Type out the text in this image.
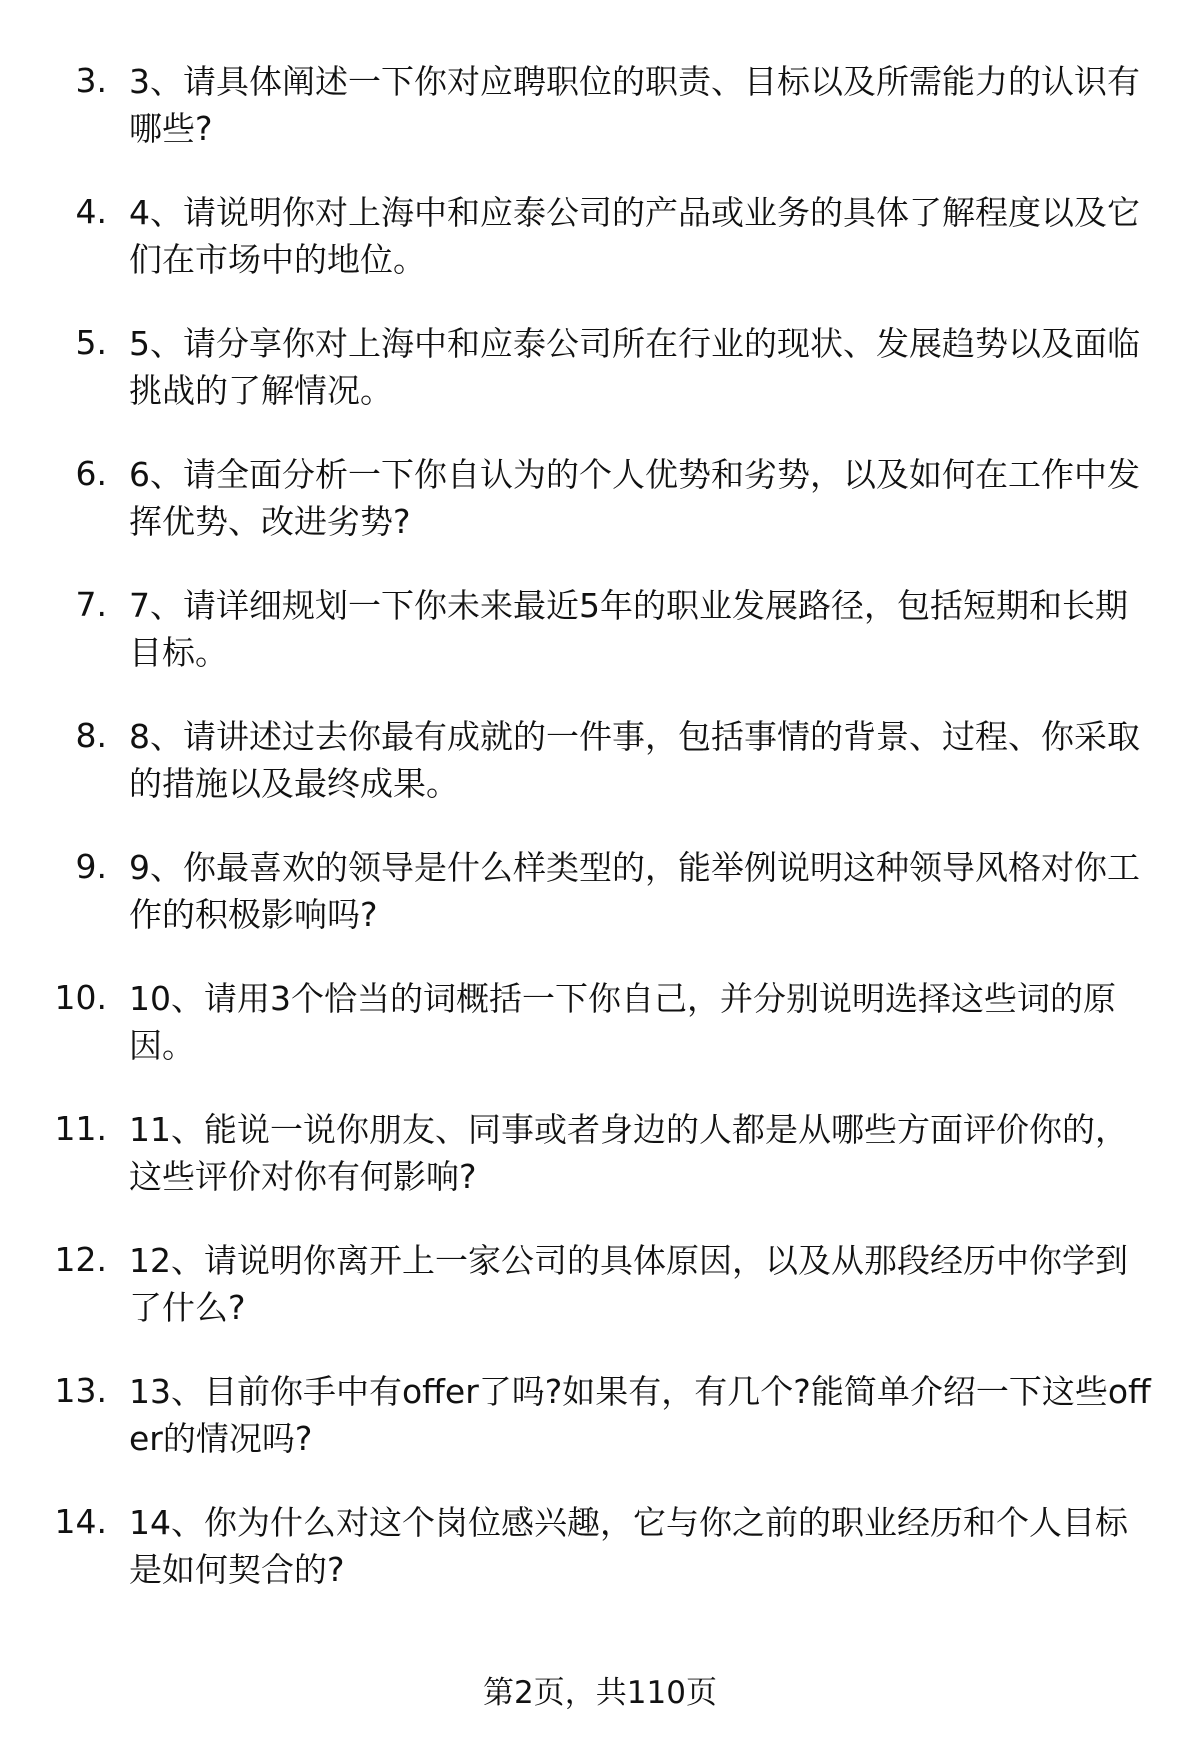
3. 3、请具体阐述一下你对应聘职位的职责、目标以及所需能力的认识有哪些?
4. 4、请说明你对上海中和应泰公司的产品或业务的具体了解程度以及它们在市场中的地位。
5. 5、请分享你对上海中和应泰公司所在行业的现状、发展趋势以及面临挑战的了解情况。
6. 6、请全面分析一下你自认为的个人优势和劣势，以及如何在工作中发挥优势、改进劣势?
7. 7、请详细规划一下你未来最近5年的职业发展路径，包括短期和长期目标。
8. 8、请讲述过去你最有成就的一件事，包括事情的背景、过程、你采取的措施以及最终成果。
9. 9、你最喜欢的领导是什么样类型的，能举例说明这种领导风格对你工作的积极影响吗?
10. 10、请用3个恰当的词概括一下你自己，并分别说明选择这些词的原因。
11. 11、能说一说你朋友、同事或者身边的人都是从哪些方面评价你的，这些评价对你有何影响?
12. 12、请说明你离开上一家公司的具体原因，以及从那段经历中你学到了什么?
13. 13、目前你手中有offer了吗?如果有，有几个?能简单介绍一下这些offer的情况吗?
14. 14、你为什么对这个岗位感兴趣，它与你之前的职业经历和个人目标是如何契合的?
第2页，共110页
